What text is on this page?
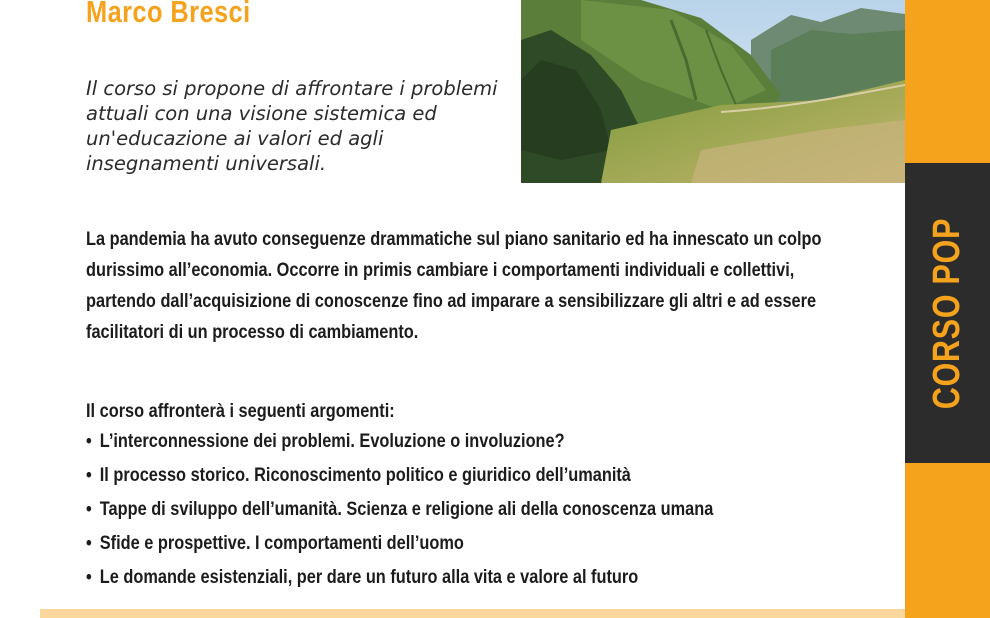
Marco Bresci

Il corso si propone di affrontare i problemi attuali con una visione sistemica ed un'educazione ai valori ed agli insegnamenti universali.

La pandemia ha avuto conseguenze drammatiche sul piano sanitario ed ha innescato un colpo durissimo all’economia. Occorre in primis cambiare i comportamenti individuali e collettivi, partendo dall’acquisizione di conoscenze fino ad imparare a sensibilizzare gli altri e ad essere facilitatori di un processo di cambiamento.

Il corso affronterà i seguenti argomenti:

• L’interconnessione dei problemi. Evoluzione o involuzione?
• Il processo storico. Riconoscimento politico e giuridico dell’umanità
• Tappe di sviluppo dell’umanità. Scienza e religione ali della conoscenza umana
• Sfide e prospettive. I comportamenti dell’uomo
• Le domande esistenziali, per dare un futuro alla vita e valore al futuro
CORSO POP
